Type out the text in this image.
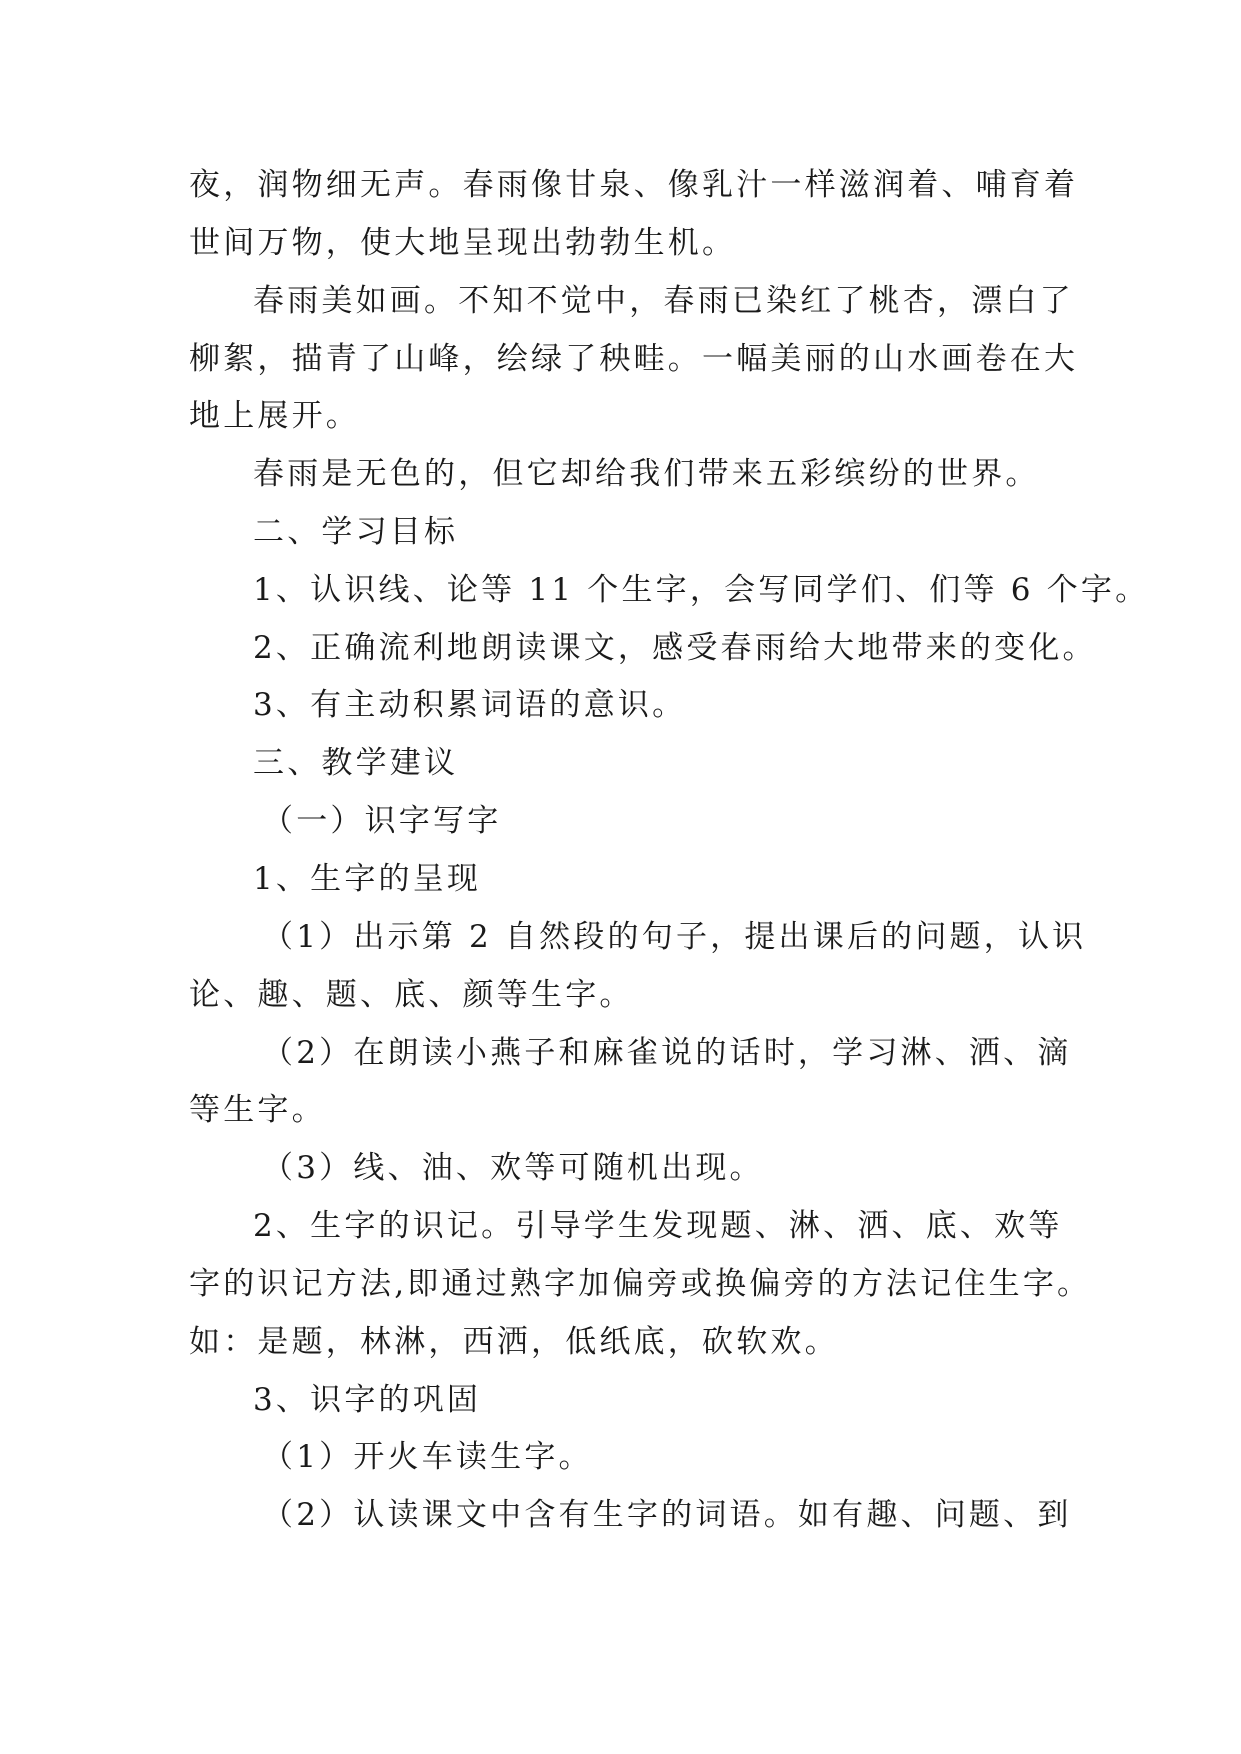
夜，润物细无声。春雨像甘泉、像乳汁一样滋润着、哺育着
世间万物，使大地呈现出勃勃生机。
春雨美如画。不知不觉中，春雨已染红了桃杏，漂白了
柳絮，描青了山峰，绘绿了秧畦。一幅美丽的山水画卷在大
地上展开。
春雨是无色的，但它却给我们带来五彩缤纷的世界。
二、学习目标
1、认识线、论等 11 个生字，会写同学们、们等 6 个字。
2、正确流利地朗读课文，感受春雨给大地带来的变化。
3、有主动积累词语的意识。
三、教学建议
（一）识字写字
1、生字的呈现
（1）出示第 2 自然段的句子，提出课后的问题，认识
论、趣、题、底、颜等生字。
（2）在朗读小燕子和麻雀说的话时，学习淋、洒、滴
等生字。
（3）线、油、欢等可随机出现。
2、生字的识记。引导学生发现题、淋、洒、底、欢等
字的识记方法,即通过熟字加偏旁或换偏旁的方法记住生字。
如：是题，林淋，西洒，低纸底，砍软欢。
3、识字的巩固
（1）开火车读生字。
（2）认读课文中含有生字的词语。如有趣、问题、到
